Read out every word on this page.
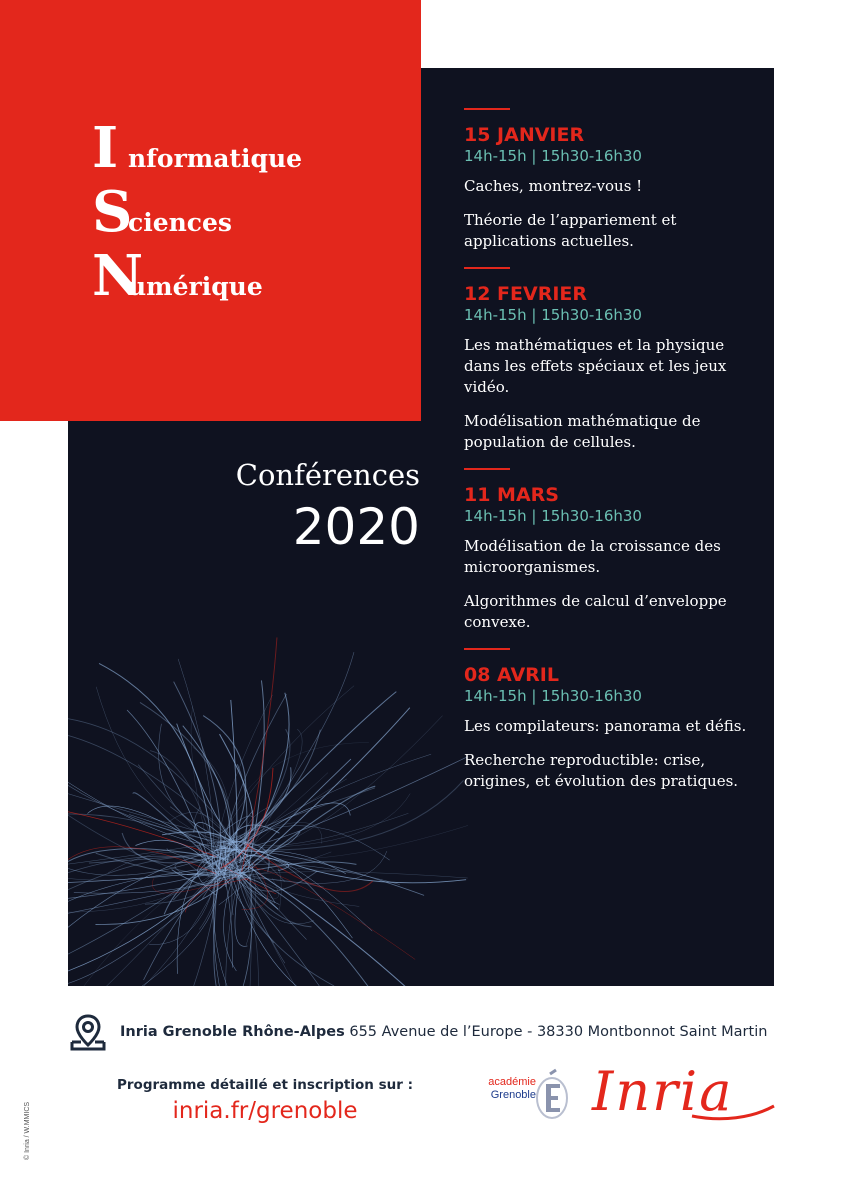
I nformatique
S
ciences
N
umérique
Conférences
2020
15 JANVIER
14h-15h | 15h30-16h30
Caches, montrez-vous !
Théorie de l’appariement et applications actuelles.
12 FEVRIER
14h-15h | 15h30-16h30
Les mathématiques et la physique dans les effets spéciaux et les jeux vidéo.
Modélisation mathématique de population de cellules.
11 MARS
14h-15h | 15h30-16h30
Modélisation de la croissance des microorganismes.
Algorithmes de calcul d’enveloppe convexe.
08 AVRIL
14h-15h | 15h30-16h30
Les compilateurs: panorama et défis.
Recherche reproductible: crise, origines, et évolution des pratiques.
Inria Grenoble Rhône-Alpes 655 Avenue de l’Europe - 38330 Montbonnot Saint Martin
Programme détaillé et inscription sur :
inria.fr/grenoble
académie
Grenoble Inria
© Inria / W.MMICS
